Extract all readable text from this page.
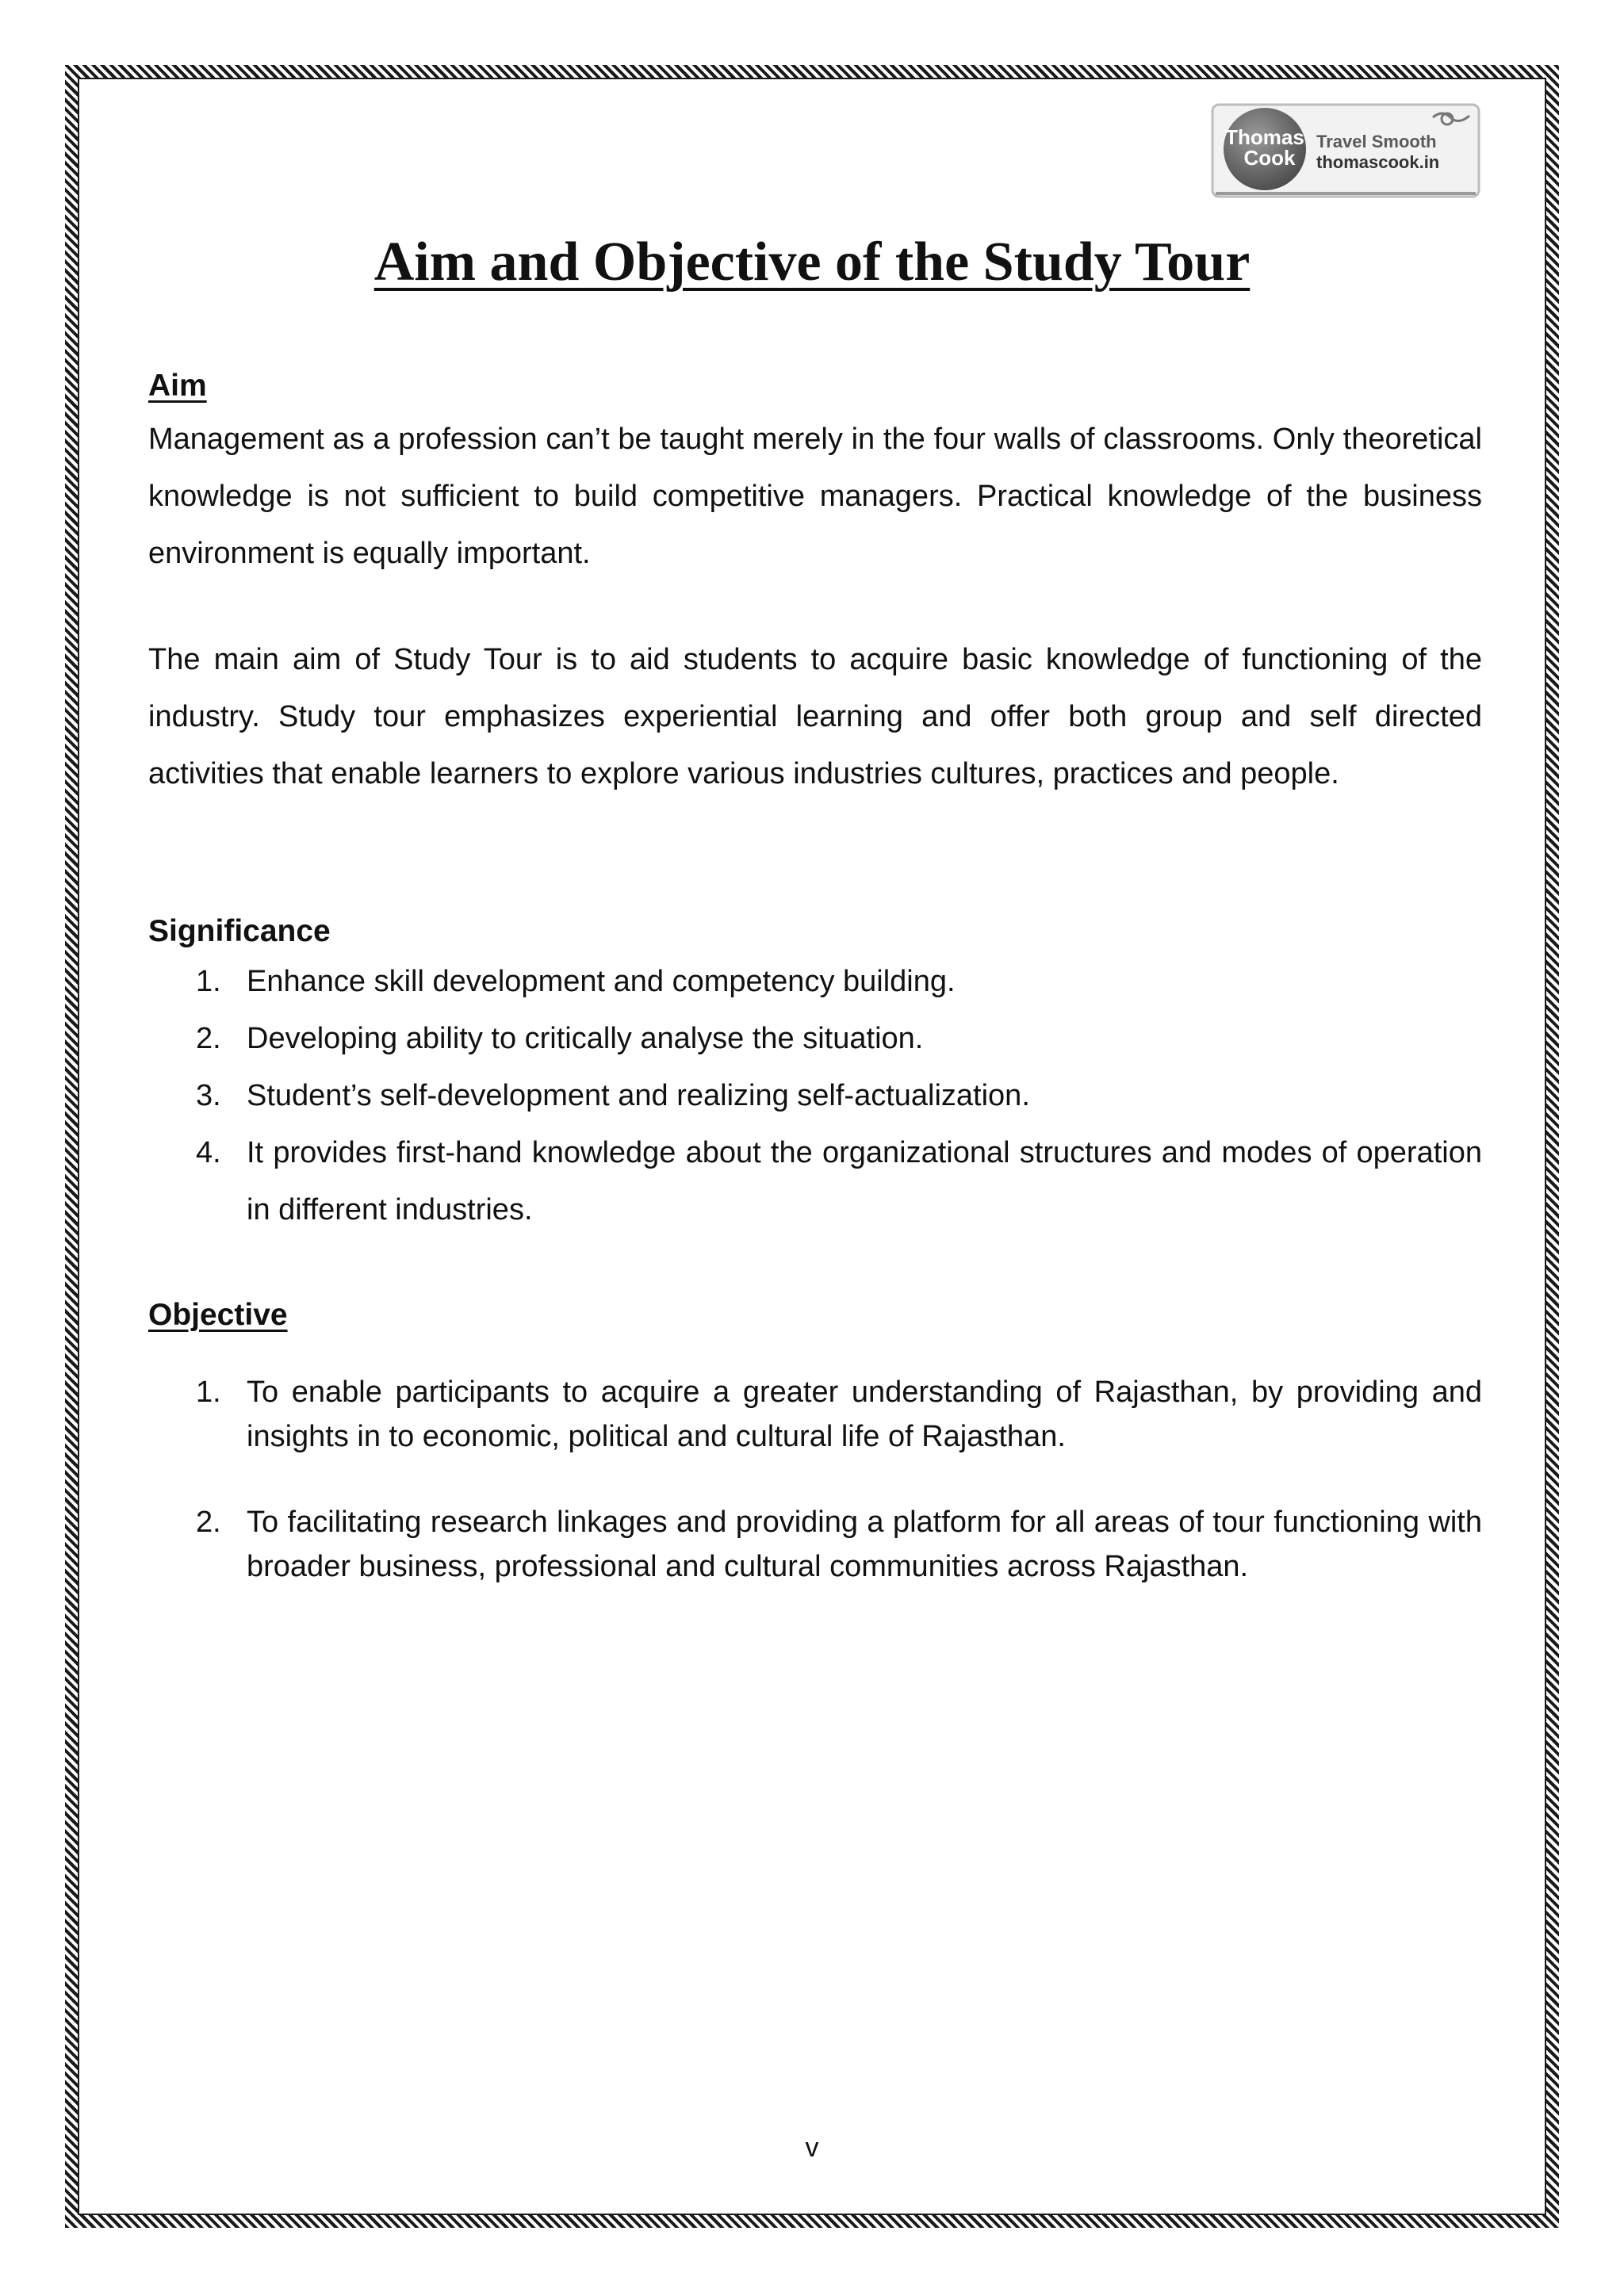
Thomas
Cook
Travel Smooth
thomascook.in
Aim and Objective of the Study Tour

Aim

Management as a profession can’t be taught merely in the four walls of classrooms. Only theoretical knowledge is not sufficient to build competitive managers. Practical knowledge of the business environment is equally important.

The main aim of Study Tour is to aid students to acquire basic knowledge of functioning of the industry. Study tour emphasizes experiential learning and offer both group and self directed activities that enable learners to explore various industries cultures, practices and people.

Significance

1. Enhance skill development and competency building.
2. Developing ability to critically analyse the situation.
3. Student’s self-development and realizing self-actualization.
4. It provides first-hand knowledge about the organizational structures and modes of operation in different industries.

Objective

1. To enable participants to acquire a greater understanding of Rajasthan, by providing and insights in to economic, political and cultural life of Rajasthan.
2. To facilitating research linkages and providing a platform for all areas of tour functioning with broader business, professional and cultural communities across Rajasthan.
v
